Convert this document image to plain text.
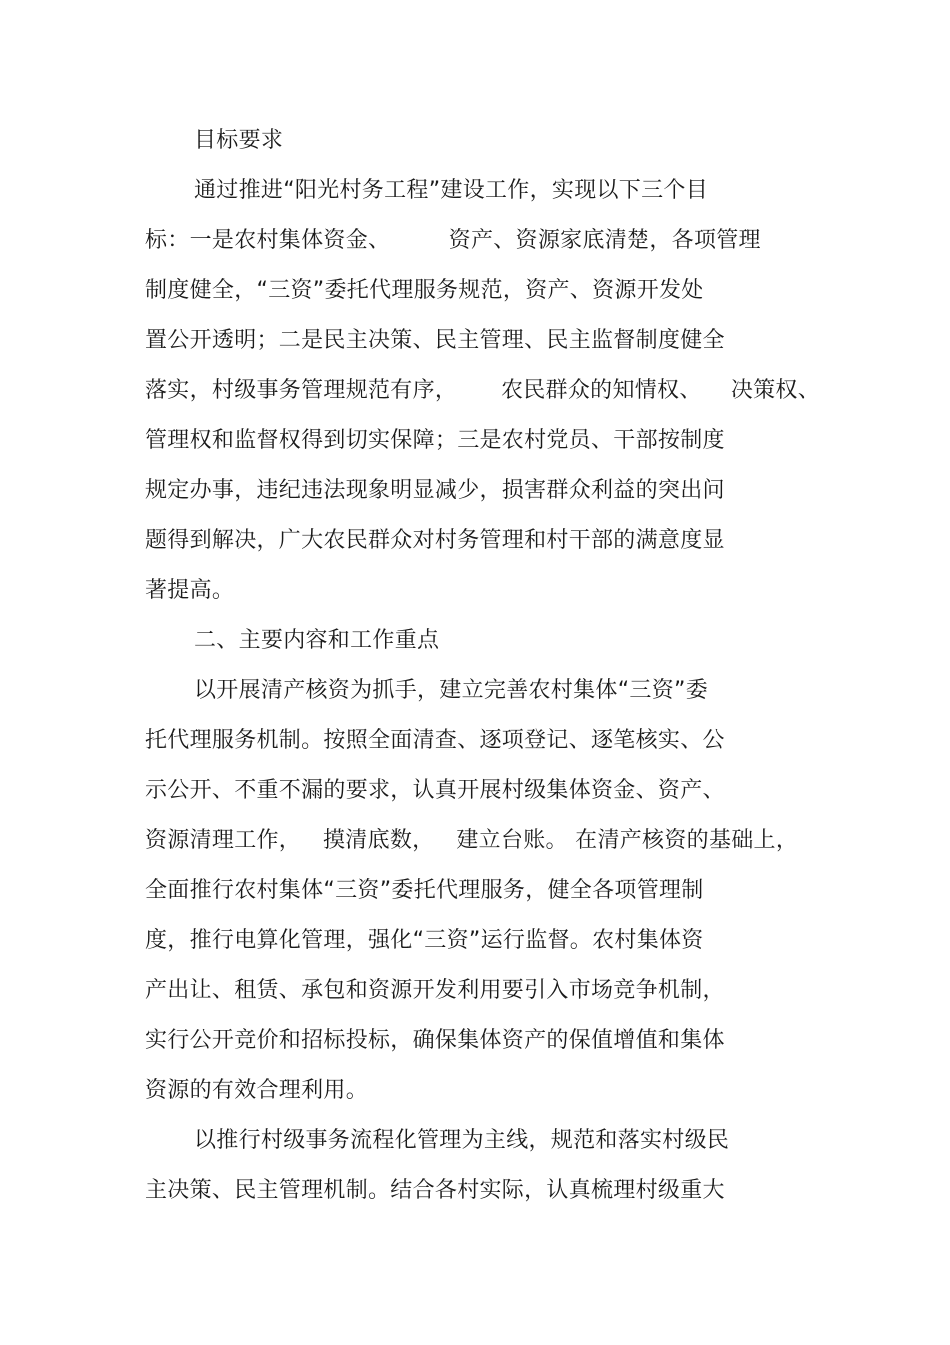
目标要求
通过推进“阳光村务工程”建设工作，实现以下三个目
标：一是农村集体资金、        资产、资源家底清楚，各项管理
制度健全，“三资”委托代理服务规范，资产、资源开发处
置公开透明；二是民主决策、民主管理、民主监督制度健全
落实，村级事务管理规范有序，      农民群众的知情权、    决策权、
管理权和监督权得到切实保障；三是农村党员、干部按制度
规定办事，违纪违法现象明显减少，损害群众利益的突出问
题得到解决，广大农民群众对村务管理和村干部的满意度显
著提高。
二、主要内容和工作重点
以开展清产核资为抓手，建立完善农村集体“三资”委
托代理服务机制。按照全面清查、逐项登记、逐笔核实、公
示公开、不重不漏的要求，认真开展村级集体资金、资产、
资源清理工作，   摸清底数，   建立台账。 在清产核资的基础上，
全面推行农村集体“三资”委托代理服务，健全各项管理制
度，推行电算化管理，强化“三资”运行监督。农村集体资
产出让、租赁、承包和资源开发利用要引入市场竞争机制，
实行公开竞价和招标投标，确保集体资产的保值增值和集体
资源的有效合理利用。
以推行村级事务流程化管理为主线，规范和落实村级民
主决策、民主管理机制。结合各村实际，认真梳理村级重大
